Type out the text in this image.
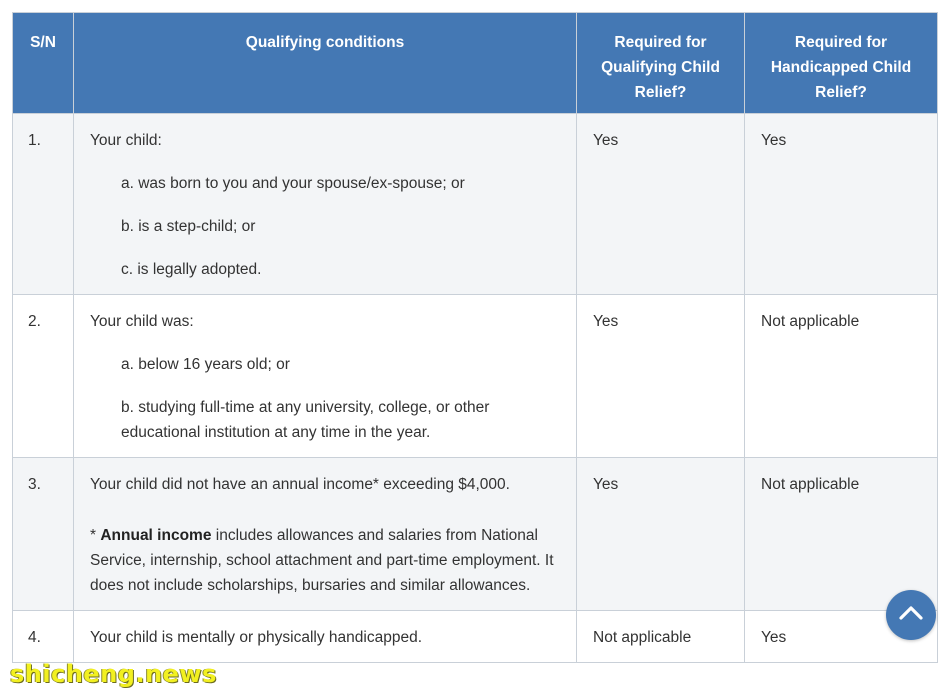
S/N	Qualifying conditions	Required for Qualifying Child Relief?	Required for Handicapped Child Relief?
1.	Your child:

a. was born to you and your spouse/ex-spouse; or

b. is a step-child; or

c. is legally adopted.	Yes	Yes
2.	Your child was:

a. below 16 years old; or

b. studying full-time at any university, college, or other educational institution at any time in the year.	Yes	Not applicable
3.	Your child did not have an annual income* exceeding $4,000.

* Annual income includes allowances and salaries from National Service, internship, school attachment and part-time employment. It does not include scholarships, bursaries and similar allowances.	Yes	Not applicable
4.	Your child is mentally or physically handicapped.	Not applicable	Yes
shicheng.news
